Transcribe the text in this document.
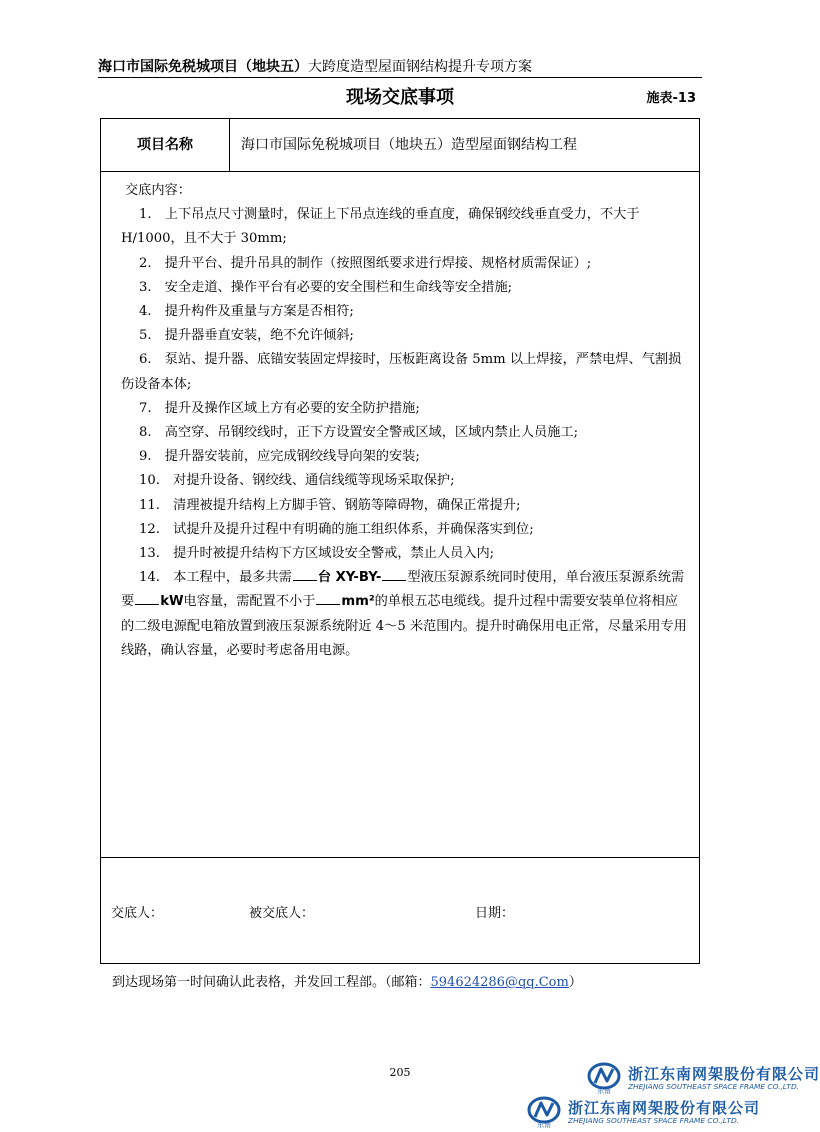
海口市国际免税城项目（地块五）大跨度造型屋面钢结构提升专项方案
现场交底事项	施表-13
项目名称	海口市国际免税城项目（地块五）造型屋面钢结构工程

交底内容：

1.　上下吊点尺寸测量时，保证上下吊点连线的垂直度，确保钢绞线垂直受力，不大于 H/1000，且不大于 30mm;

2.　提升平台、提升吊具的制作（按照图纸要求进行焊接、规格材质需保证）;

3.　安全走道、操作平台有必要的安全围栏和生命线等安全措施;

4.　提升构件及重量与方案是否相符;

5.　提升器垂直安装，绝不允许倾斜;

6.　泵站、提升器、底锚安装固定焊接时，压板距离设备 5mm 以上焊接，严禁电焊、气割损伤设备本体;

7.　提升及操作区域上方有必要的安全防护措施;

8.　高空穿、吊钢绞线时，正下方设置安全警戒区域，区域内禁止人员施工;

9.　提升器安装前，应完成钢绞线导向架的安装;

10.　对提升设备、钢绞线、通信线缆等现场采取保护;

11.　清理被提升结构上方脚手管、钢筋等障碍物，确保正常提升;

12.　试提升及提升过程中有明确的施工组织体系，并确保落实到位;

13.　提升时被提升结构下方区域设安全警戒，禁止人员入内;

14.　本工程中，最多共需 台 XY-BY- 型液压泵源系统同时使用，单台液压泵源系统需要 kW电容量，需配置不小于 mm²的单根五芯电缆线。提升过程中需要安装单位将相应的二级电源配电箱放置到液压泵源系统附近 4～5 米范围内。提升时确保用电正常，尽量采用专用线路，确认容量，必要时考虑备用电源。

交底人：	被交底人：	日期：
到达现场第一时间确认此表格，并发回工程部。（邮箱：594624286@qq.Com）
205
东南
浙江东南网架股份有限公司
ZHEJIANG SOUTHEAST SPACE FRAME CO.,LTD.
东南
浙江东南网架股份有限公司
ZHEJIANG SOUTHEAST SPACE FRAME CO.,LTD.
